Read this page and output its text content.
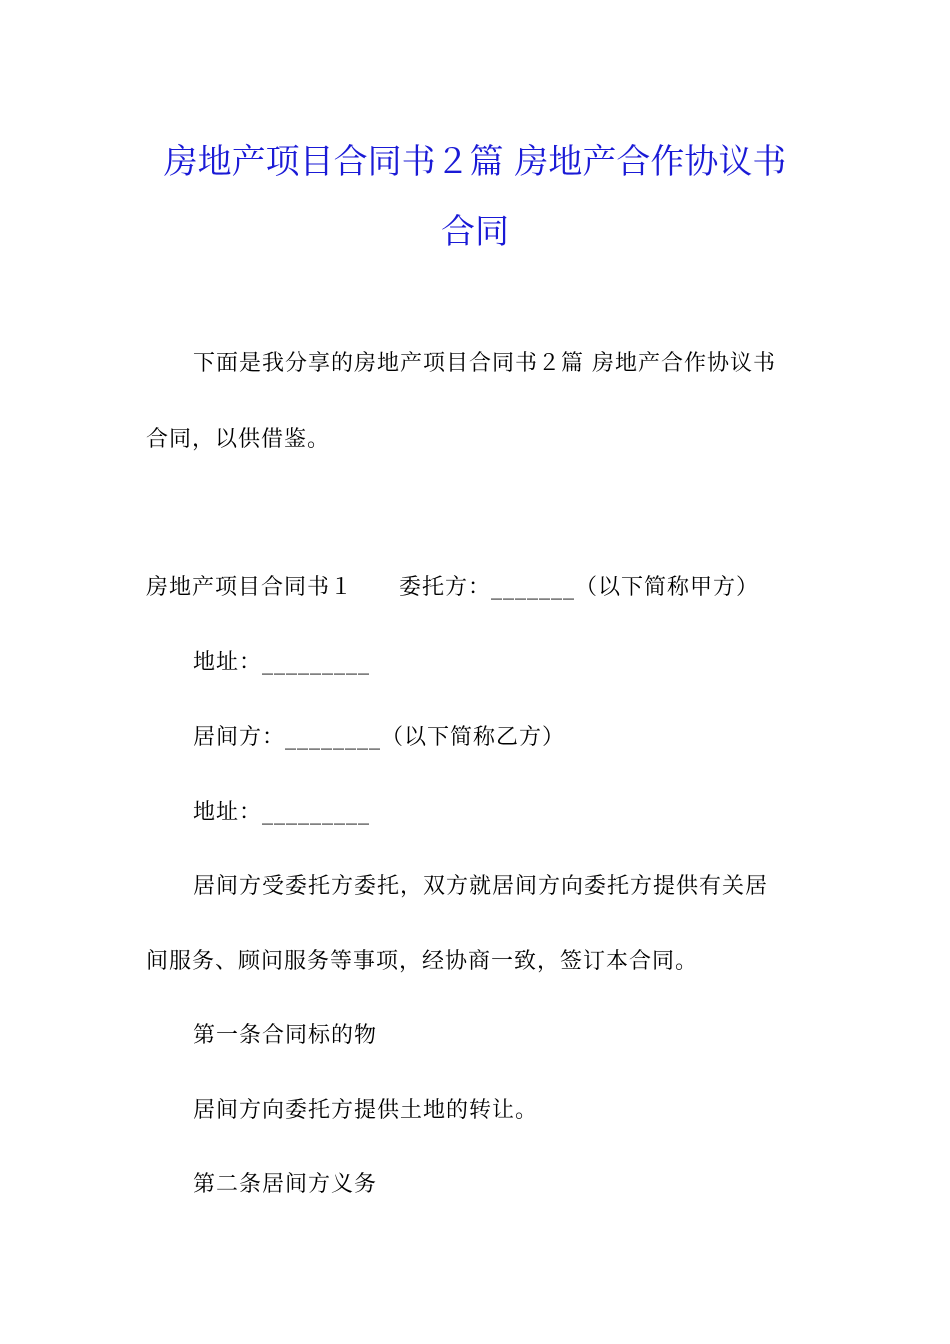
房地产项目合同书２篇 房地产合作协议书
合同
下面是我分享的房地产项目合同书２篇 房地产合作协议书
合同，以供借鉴。
房地产项目合同书１　　委托方：_______（以下简称甲方）
地址：_________
居间方：________（以下简称乙方）
地址：_________
居间方受委托方委托，双方就居间方向委托方提供有关居
间服务、顾问服务等事项，经协商一致，签订本合同。
第一条合同标的物
居间方向委托方提供土地的转让。
第二条居间方义务
